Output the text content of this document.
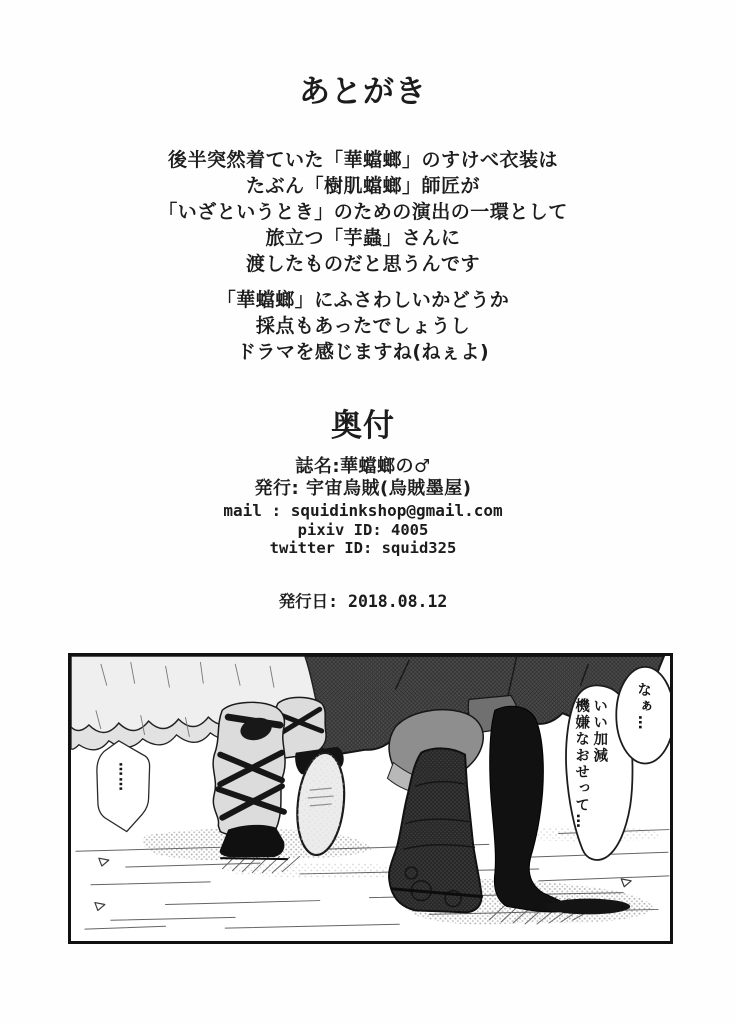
あとがき
後半突然着ていた「華蟷螂」のすけべ衣装は
たぶん「樹肌蟷螂」師匠が
「いざというとき」のための演出の一環として
旅立つ「芋蟲」さんに
渡したものだと思うんです
「華蟷螂」にふさわしいかどうか
採点もあったでしょうし
ドラマを感じますね(ねぇよ)
奥付
誌名:華蟷螂の♂
発行: 宇宙烏賊(烏賊墨屋)
mail : squidinkshop@gmail.com
pixiv ID: 4005
twitter ID: squid325
発行日: 2018.08.12
なぁ…
いい加減
機嫌なおせって…
……
